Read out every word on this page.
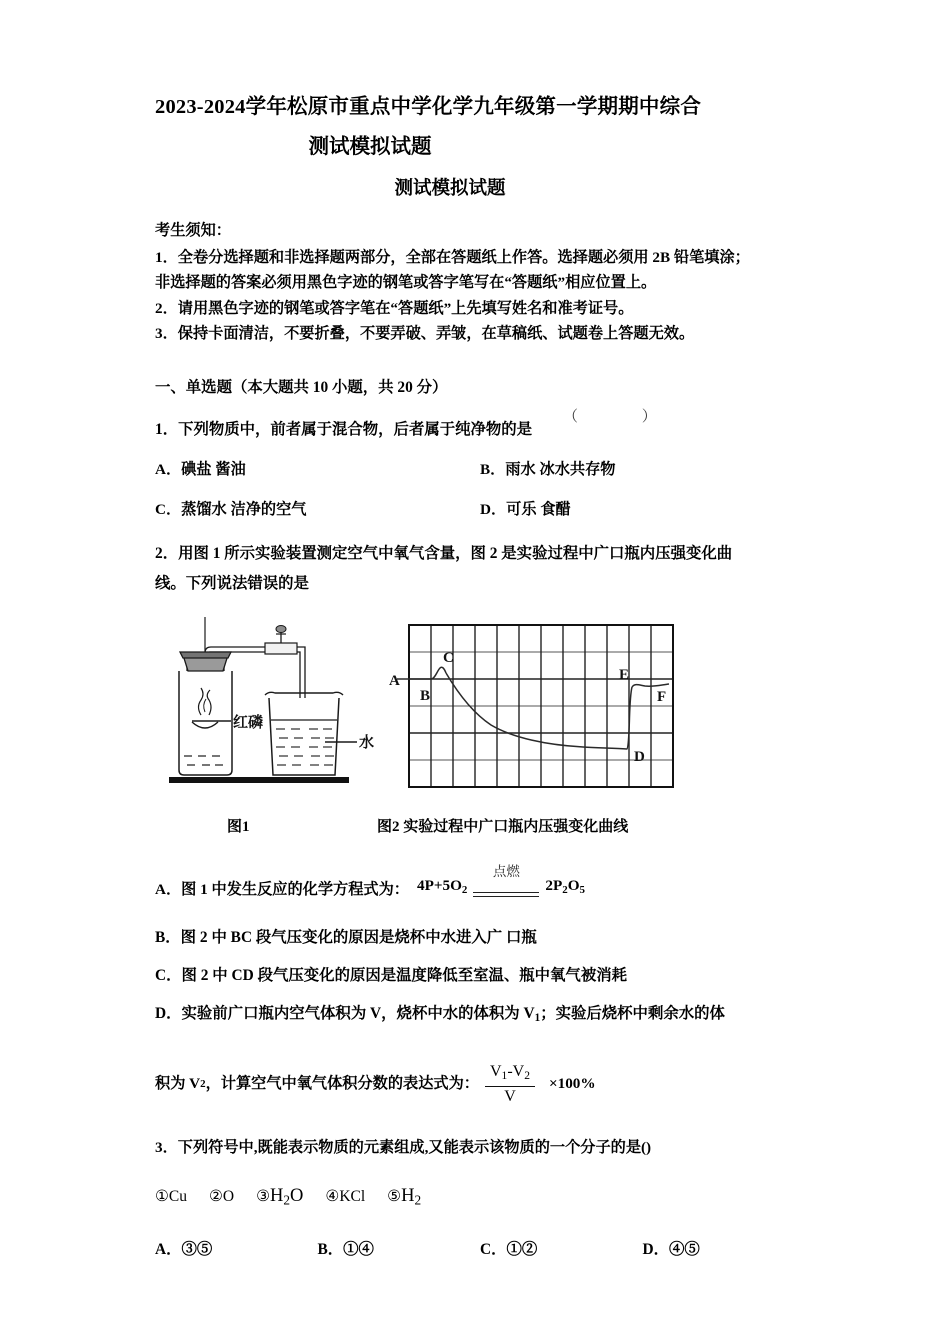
2023-2024学年松原市重点中学化学九年级第一学期期中综合
测试模拟试题
测试模拟试题
考生须知：
1．全卷分选择题和非选择题两部分，全部在答题纸上作答。选择题必须用 2B 铅笔填涂；
非选择题的答案必须用黑色字迹的钢笔或答字笔写在“答题纸”相应位置上。
2．请用黑色字迹的钢笔或答字笔在“答题纸”上先填写姓名和准考证号。
3．保持卡面清洁，不要折叠，不要弄破、弄皱，在草稿纸、试题卷上答题无效。
一、单选题（本大题共 10 小题，共 20 分）
1．下列物质中，前者属于混合物，后者属于纯净物的是
（ ）
A．碘盐 酱油	B．雨水 冰水共存物
C．蒸馏水 洁净的空气	D．可乐 食醋
2．用图 1 所示实验装置测定空气中氧气含量，图 2 是实验过程中广口瓶内压强变化曲
线。下列说法错误的是
红磷
水
A
B
C
D
E
F
图1	图2 实验过程中广口瓶内压强变化曲线
A． 图 1 中发生反应的化学方程式为： $4P+5O_2$
点燃
$2P_2O_5$
B．图 2 中 BC 段气压变化的原因是烧杯中水进入广 口瓶
C．图 2 中 CD 段气压变化的原因是温度降低至室温、瓶中氧气被消耗
D．实验前广口瓶内空气体积为 V，烧杯中水的体积为 $V_1$；实验后烧杯中剩余水的体
积为 V 2 ，计算空气中氧气体积分数的表达式为： $\frac{V_1-V_2}{V} \times 100\%$
3．下列符号中,既能表示物质的元素组成,又能表示该物质的一个分子的是()
①Cu ②O $③H_2O$ ④KCl $⑤H_2$
A．③⑤	B．①④	C．①②	D．④⑤
